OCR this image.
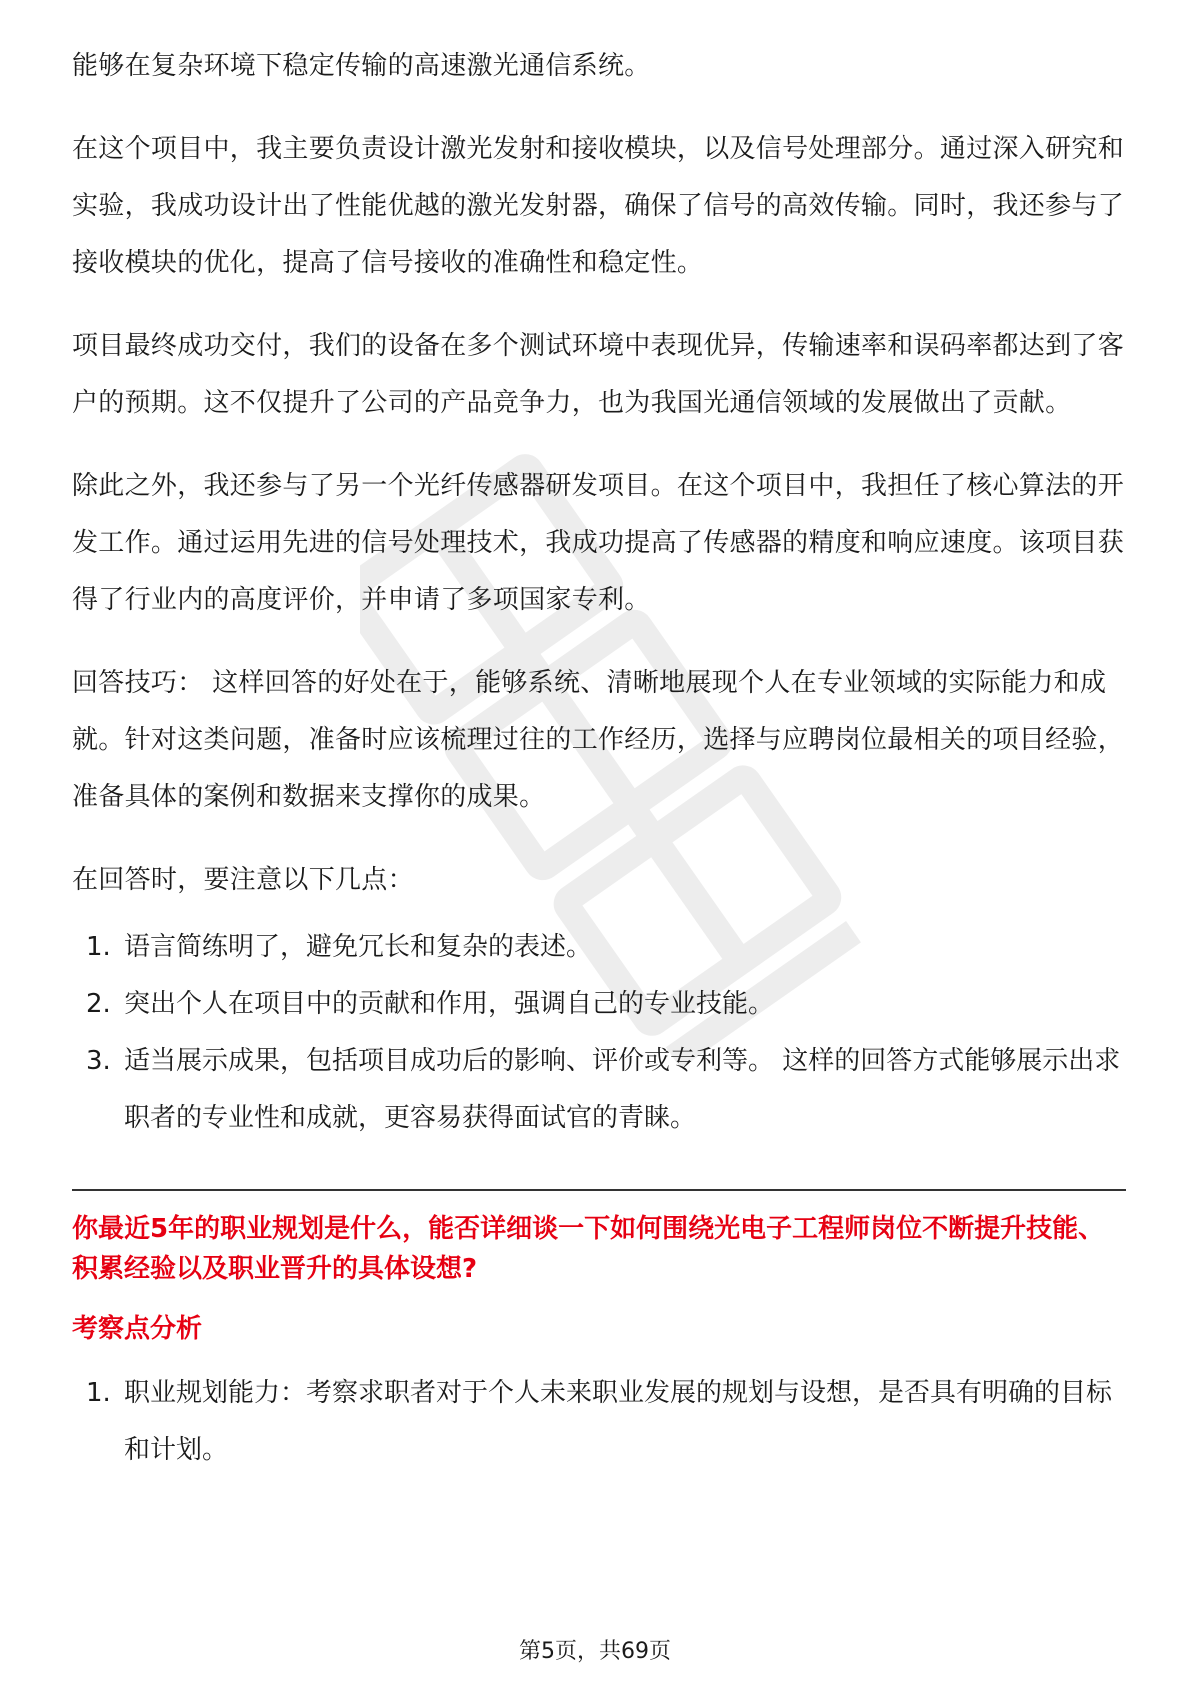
能够在复杂环境下稳定传输的高速激光通信系统。

在这个项目中，我主要负责设计激光发射和接收模块，以及信号处理部分。通过深入研究和实验，我成功设计出了性能优越的激光发射器，确保了信号的高效传输。同时，我还参与了接收模块的优化，提高了信号接收的准确性和稳定性。

项目最终成功交付，我们的设备在多个测试环境中表现优异，传输速率和误码率都达到了客户的预期。这不仅提升了公司的产品竞争力，也为我国光通信领域的发展做出了贡献。

除此之外，我还参与了另一个光纤传感器研发项目。在这个项目中，我担任了核心算法的开发工作。通过运用先进的信号处理技术，我成功提高了传感器的精度和响应速度。该项目获得了行业内的高度评价，并申请了多项国家专利。

回答技巧： 这样回答的好处在于，能够系统、清晰地展现个人在专业领域的实际能力和成就。针对这类问题，准备时应该梳理过往的工作经历，选择与应聘岗位最相关的项目经验，准备具体的案例和数据来支撑你的成果。

在回答时，要注意以下几点：

1. 语言简练明了，避免冗长和复杂的表述。
2. 突出个人在项目中的贡献和作用，强调自己的专业技能。
3. 适当展示成果，包括项目成功后的影响、评价或专利等。 这样的回答方式能够展示出求职者的专业性和成就，更容易获得面试官的青睐。

你最近5年的职业规划是什么，能否详细谈一下如何围绕光电子工程师岗位不断提升技能、积累经验以及职业晋升的具体设想?

考察点分析

1. 职业规划能力：考察求职者对于个人未来职业发展的规划与设想，是否具有明确的目标和计划。
第5页，共69页
